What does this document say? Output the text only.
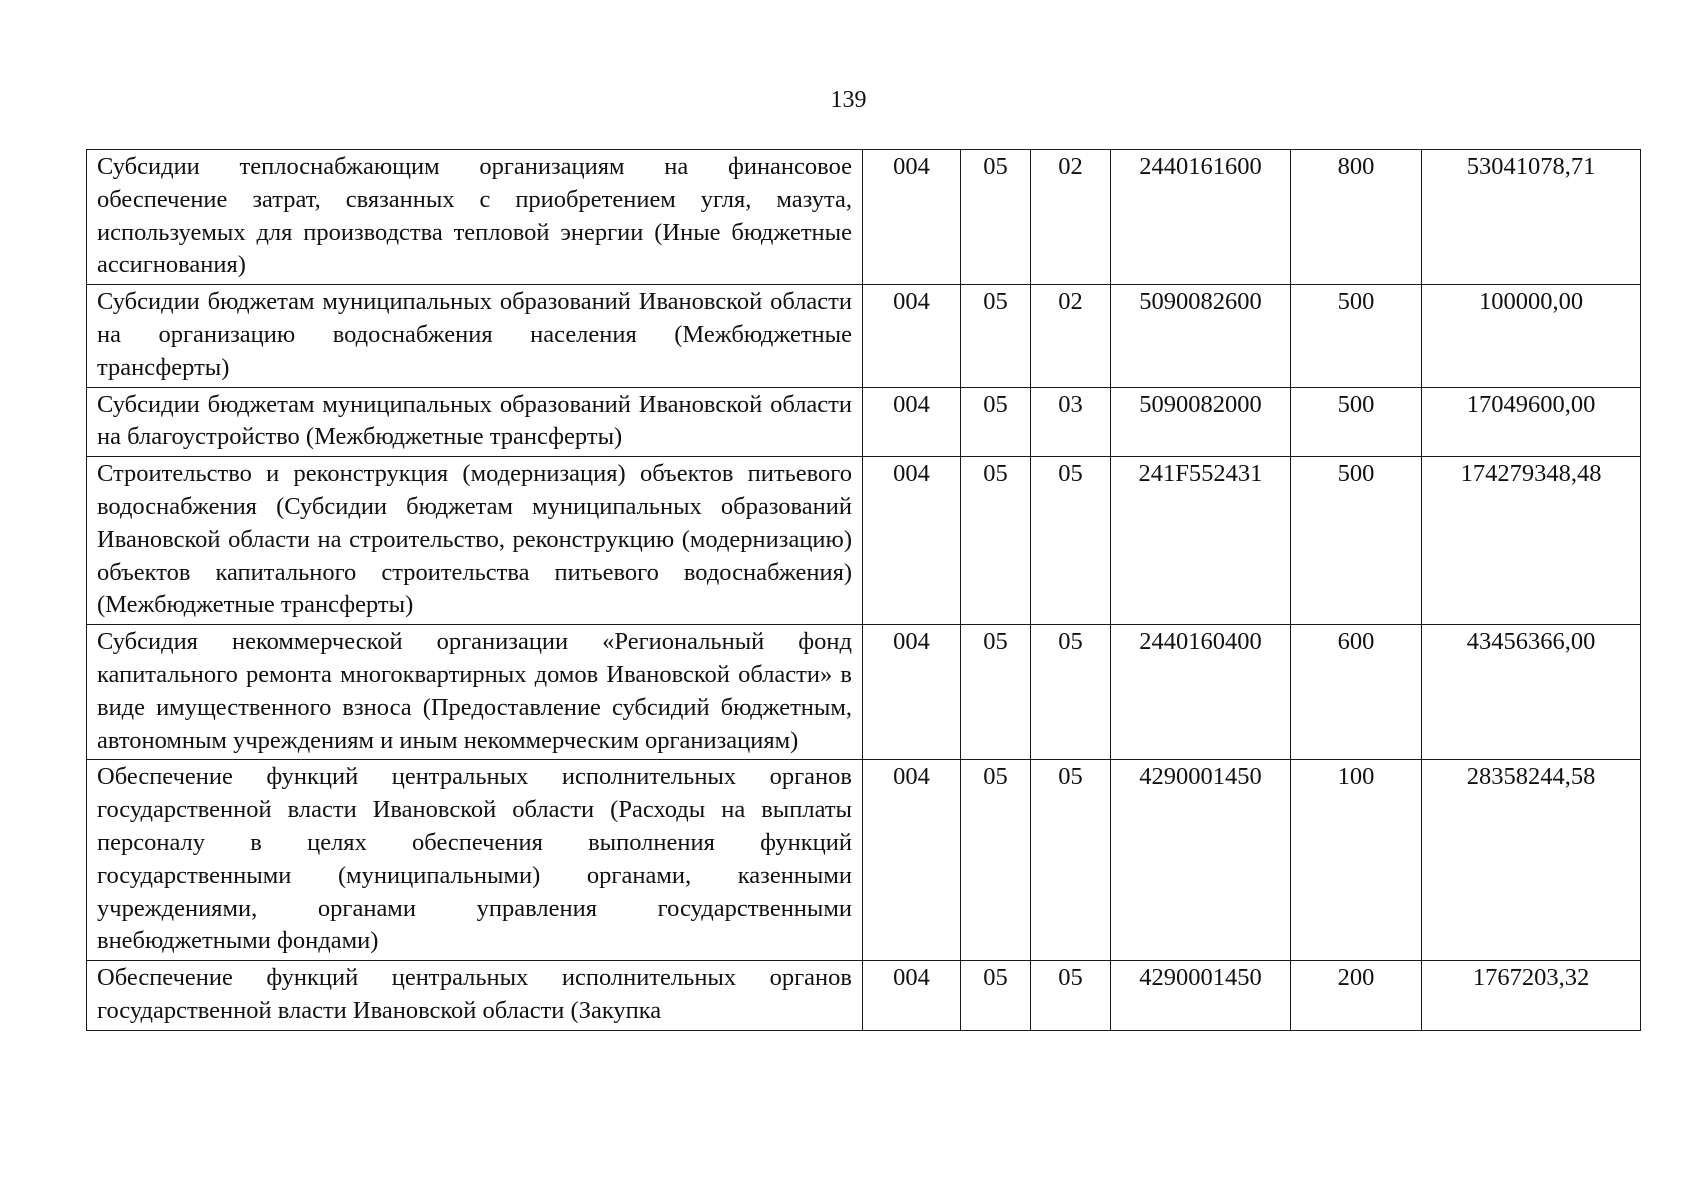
139
Субсидии теплоснабжающим организациям на финансовое обеспечение затрат, связанных с приобретением угля, мазута, используемых для производства тепловой энергии (Иные бюджетные ассигнования)	004	05	02	2440161600	800	53041078,71
Субсидии бюджетам муниципальных образований Ивановской области на организацию водоснабжения населения (Межбюджетные трансферты)	004	05	02	5090082600	500	100000,00
Субсидии бюджетам муниципальных образований Ивановской области на благоустройство (Межбюджетные трансферты)	004	05	03	5090082000	500	17049600,00
Строительство и реконструкция (модернизация) объектов питьевого водоснабжения (Субсидии бюджетам муниципальных образований Ивановской области на строительство, реконструкцию (модернизацию) объектов капитального строительства питьевого водоснабжения) (Межбюджетные трансферты)	004	05	05	241F552431	500	174279348,48
Субсидия некоммерческой организации «Региональный фонд капитального ремонта многоквартирных домов Ивановской области» в виде имущественного взноса (Предоставление субсидий бюджетным, автономным учреждениям и иным некоммерческим организациям)	004	05	05	2440160400	600	43456366,00
Обеспечение функций центральных исполнительных органов государственной власти Ивановской области (Расходы на выплаты персоналу в целях обеспечения выполнения функций государственными (муниципальными) органами, казенными учреждениями, органами управления государственными внебюджетными фондами)	004	05	05	4290001450	100	28358244,58
Обеспечение функций центральных исполнительных органов государственной власти Ивановской области (Закупка	004	05	05	4290001450	200	1767203,32
